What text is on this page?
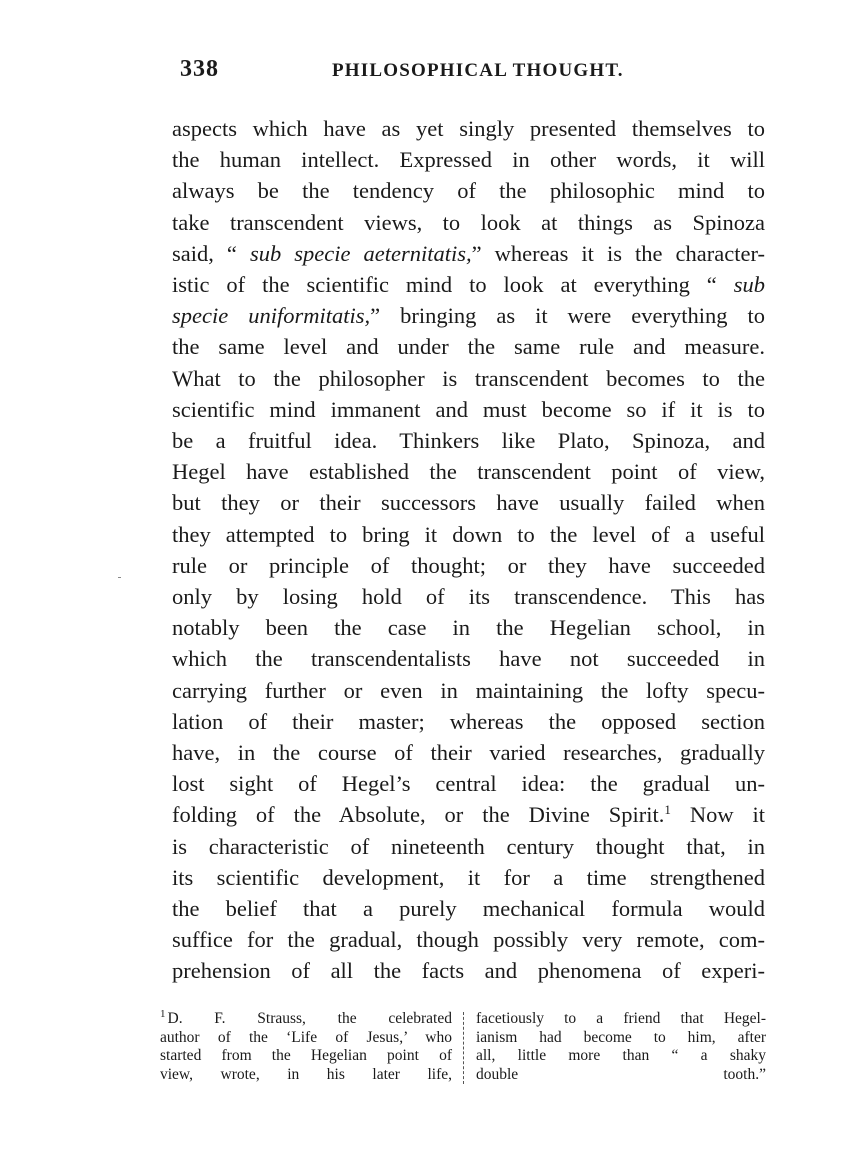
338	PHILOSOPHICAL THOUGHT.
aspects which have as yet singly presented themselves to
the human intellect. Expressed in other words, it will
always be the tendency of the philosophic mind to
take transcendent views, to look at things as Spinoza
said, “ sub specie aeternitatis,” whereas it is the character-
istic of the scientific mind to look at everything “ sub
specie uniformitatis,” bringing as it were everything to
the same level and under the same rule and measure.
What to the philosopher is transcendent becomes to the
scientific mind immanent and must become so if it is to
be a fruitful idea. Thinkers like Plato, Spinoza, and
Hegel have established the transcendent point of view,
but they or their successors have usually failed when
they attempted to bring it down to the level of a useful
rule or principle of thought; or they have succeeded
only by losing hold of its transcendence. This has
notably been the case in the Hegelian school, in
which the transcendentalists have not succeeded in
carrying further or even in maintaining the lofty specu-
lation of their master; whereas the opposed section
have, in the course of their varied researches, gradually
lost sight of Hegel’s central idea: the gradual un-
folding of the Absolute, or the Divine Spirit.$^1$ Now it
is characteristic of nineteenth century thought that, in
its scientific development, it for a time strengthened
the belief that a purely mechanical formula would
suffice for the gradual, though possibly very remote, com-
prehension of all the facts and phenomena of experi-
$^1$ D. F. Strauss, the celebrated
author of the ‘Life of Jesus,’ who
started from the Hegelian point of
view, wrote, in his later life,
facetiously to a friend that Hegel-
ianism had become to him, after
all, little more than “ a shaky
double tooth.”
